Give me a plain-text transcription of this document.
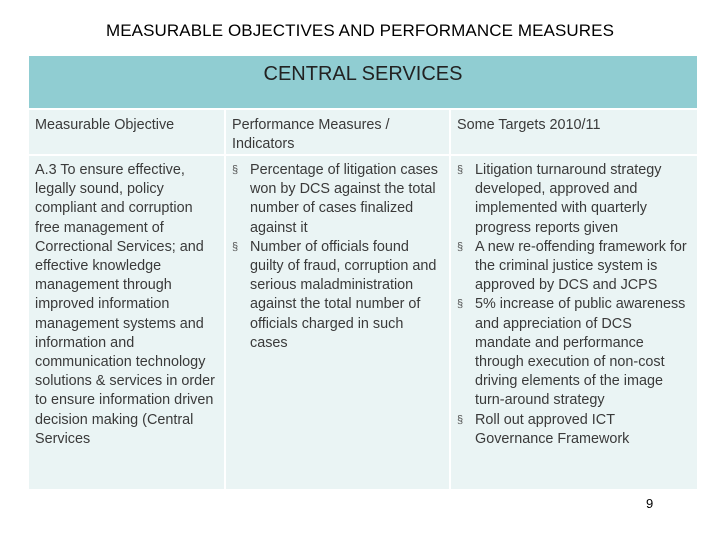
MEASURABLE OBJECTIVES AND PERFORMANCE MEASURES
CENTRAL SERVICES
Measurable Objective	Performance Measures / Indicators
Some Targets 2010/11
A.3 To ensure effective, legally sound, policy compliant and corruption free management of Correctional Services; and effective knowledge management through improved information management systems and information and communication technology solutions & services in order to ensure information driven decision making (Central Services
§ Percentage of litigation cases won by DCS against the total number of cases finalized against it
§ Number of officials found guilty of fraud, corruption and serious maladministration against the total number of officials charged in such cases
§ Litigation turnaround strategy developed, approved and implemented with quarterly progress reports given
§ A new re-offending framework for the criminal justice system is approved by DCS and JCPS
§ 5% increase of public awareness and appreciation of DCS mandate and performance through execution of non-cost driving elements of the image turn-around strategy
§ Roll out approved ICT Governance Framework
9
